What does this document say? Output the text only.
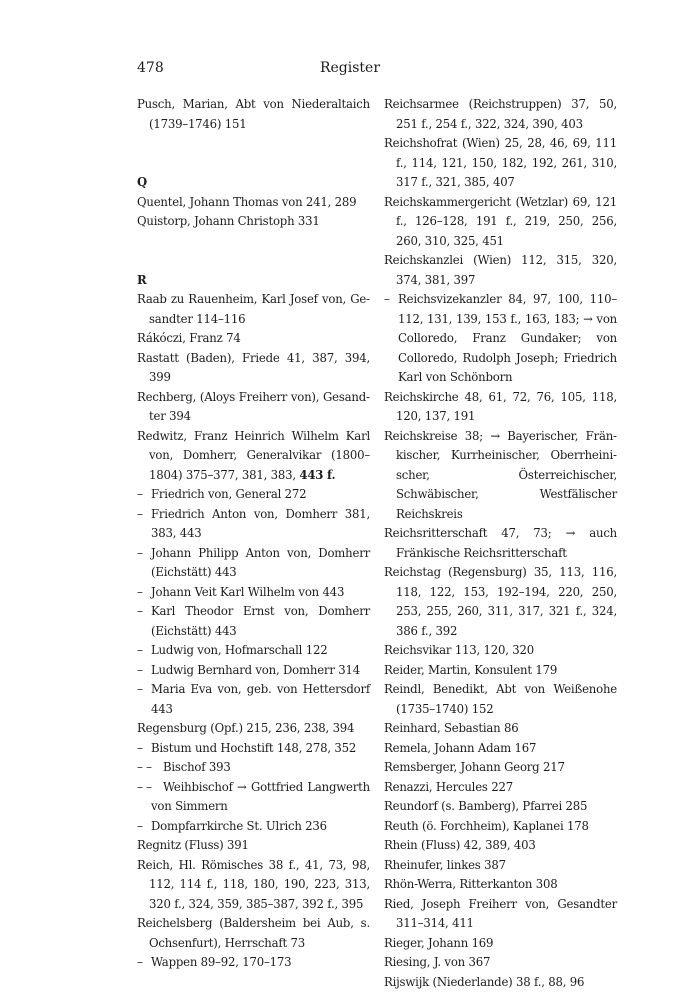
478	Register
Pusch, Marian, Abt von Niederaltaich (1739–1746) 151
Q
Quentel, Johann Thomas von 241, 289
Quistorp, Johann Christoph 331
R
Raab zu Rauenheim, Karl Josef von, Gesandter 114–116
Rákóczi, Franz 74
Rastatt (Baden), Friede 41, 387, 394, 399
Rechberg, (Aloys Freiherr von), Gesandter 394
Redwitz, Franz Heinrich Wilhelm Karl von, Domherr, Generalvikar (1800–1804) 375–377, 381, 383, 443 f.
– Friedrich von, General 272
– Friedrich Anton von, Domherr 381, 383, 443
– Johann Philipp Anton von, Domherr (Eichstätt) 443
– Johann Veit Karl Wilhelm von 443
– Karl Theodor Ernst von, Domherr (Eichstätt) 443
– Ludwig von, Hofmarschall 122
– Ludwig Bernhard von, Domherr 314
– Maria Eva von, geb. von Hettersdorf 443
Regensburg (Opf.) 215, 236, 238, 394
– Bistum und Hochstift 148, 278, 352
– – Bischof 393
– – Weihbischof → Gottfried Langwerth von Simmern
– Dompfarrkirche St. Ulrich 236
Regnitz (Fluss) 391
Reich, Hl. Römisches 38 f., 41, 73, 98, 112, 114 f., 118, 180, 190, 223, 313, 320 f., 324, 359, 385–387, 392 f., 395
Reichelsberg (Baldersheim bei Aub, s. Ochsenfurt), Herrschaft 73
– Wappen 89–92, 170–173
Reichsarmee (Reichstruppen) 37, 50, 251 f., 254 f., 322, 324, 390, 403
Reichshofrat (Wien) 25, 28, 46, 69, 111 f., 114, 121, 150, 182, 192, 261, 310, 317 f., 321, 385, 407
Reichskammergericht (Wetzlar) 69, 121 f., 126–128, 191 f., 219, 250, 256, 260, 310, 325, 451
Reichskanzlei (Wien) 112, 315, 320, 374, 381, 397
– Reichsvizekanzler 84, 97, 100, 110–112, 131, 139, 153 f., 163, 183; → von Colloredo, Franz Gundaker; von Colloredo, Rudolph Joseph; Friedrich Karl von Schönborn
Reichskirche 48, 61, 72, 76, 105, 118, 120, 137, 191
Reichskreise 38; → Bayerischer, Fränkischer, Kurrheinischer, Oberrheinischer, Österreichischer, Schwäbischer, Westfälischer Reichskreis
Reichsritterschaft 47, 73; → auch Fränkische Reichsritterschaft
Reichstag (Regensburg) 35, 113, 116, 118, 122, 153, 192–194, 220, 250, 253, 255, 260, 311, 317, 321 f., 324, 386 f., 392
Reichsvikar 113, 120, 320
Reider, Martin, Konsulent 179
Reindl, Benedikt, Abt von Weißenohe (1735–1740) 152
Reinhard, Sebastian 86
Remela, Johann Adam 167
Remsberger, Johann Georg 217
Renazzi, Hercules 227
Reundorf (s. Bamberg), Pfarrei 285
Reuth (ö. Forchheim), Kaplanei 178
Rhein (Fluss) 42, 389, 403
Rheinufer, linkes 387
Rhön-Werra, Ritterkanton 308
Ried, Joseph Freiherr von, Gesandter 311–314, 411
Rieger, Johann 169
Riesing, J. von 367
Rijswijk (Niederlande) 38 f., 88, 96
